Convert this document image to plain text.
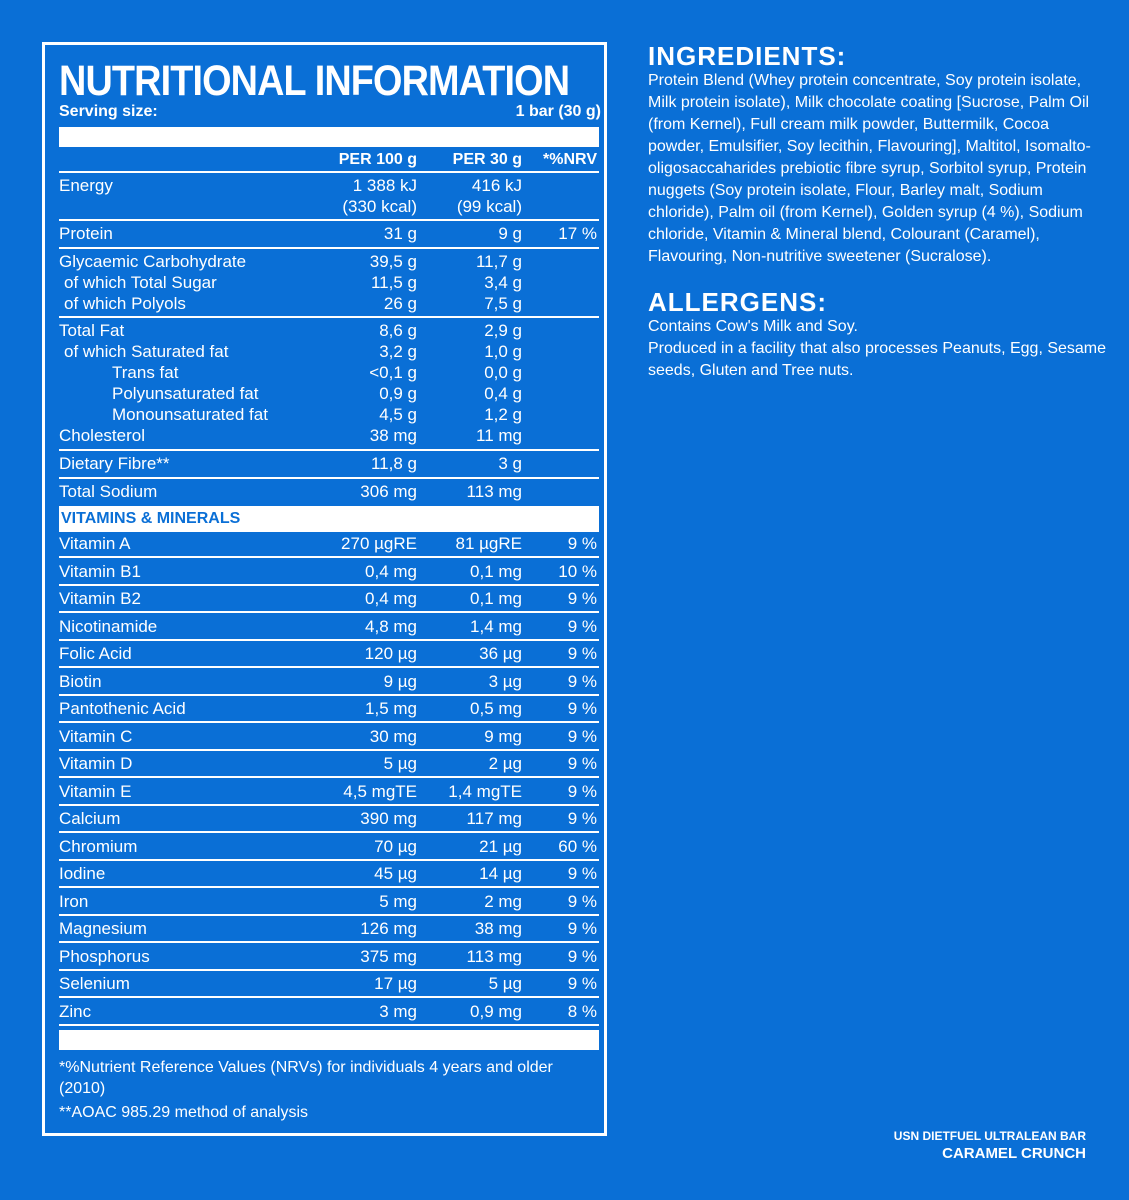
NUTRITIONAL INFORMATION
Serving size:	1 bar (30 g)
PER 100 g PER 30 g *%NRV
Energy	1 388 kJ	416 kJ
(330 kcal) (99 kcal)
Protein	31 g	9 g 17 %
Glycaemic Carbohydrate	39,5 g	11,7 g
of which Total Sugar	11,5 g	3,4 g
of which Polyols	26 g	7,5 g
Total Fat	8,6 g	2,9 g
of which Saturated fat	3,2 g	1,0 g
Trans fat	<0,1 g	0,0 g
Polyunsaturated fat	0,9 g	0,4 g
Monounsaturated fat	4,5 g	1,2 g
Cholesterol	38 mg	11 mg
Dietary Fibre**	11,8 g	3 g
Total Sodium	306 mg	113 mg
VITAMINS & MINERALS
Vitamin A	270 µgRE 81 µgRE	9 %
Vitamin B1	0,4 mg	0,1 mg 10 %
Vitamin B2	0,4 mg	0,1 mg	9 %
Nicotinamide	4,8 mg	1,4 mg	9 %
Folic Acid	120 µg	36 µg	9 %
Biotin	9 µg	3 µg	9 %
Pantothenic Acid	1,5 mg	0,5 mg	9 %
Vitamin C	30 mg	9 mg	9 %
Vitamin D	5 µg	2 µg	9 %
Vitamin E	4,5 mgTE 1,4 mgTE	9 %
Calcium	390 mg	117 mg	9 %
Chromium	70 µg	21 µg 60 %
Iodine	45 µg	14 µg	9 %
Iron	5 mg	2 mg	9 %
Magnesium	126 mg	38 mg	9 %
Phosphorus	375 mg	113 mg	9 %
Selenium	17 µg	5 µg	9 %
Zinc	3 mg	0,9 mg	8 %
*%Nutrient Reference Values (NRVs) for individuals 4 years and older (2010)
**AOAC 985.29 method of analysis
INGREDIENTS:

Protein Blend (Whey protein concentrate, Soy protein isolate, Milk protein isolate), Milk chocolate coating [Sucrose, Palm Oil (from Kernel), Full cream milk powder, Buttermilk, Cocoa powder, Emulsifier, Soy lecithin, Flavouring], Maltitol, Isomalto-oligosaccaharides prebiotic fibre syrup, Sorbitol syrup, Protein nuggets (Soy protein isolate, Flour, Barley malt, Sodium chloride), Palm oil (from Kernel), Golden syrup (4 %), Sodium chloride, Vitamin & Mineral blend, Colourant (Caramel), Flavouring, Non-nutritive sweetener (Sucralose).

ALLERGENS:

Contains Cow's Milk and Soy.

Produced in a facility that also processes Peanuts, Egg, Sesame seeds, Gluten and Tree nuts.

USN DIETFUEL ULTRALEAN BAR
CARAMEL CRUNCH
